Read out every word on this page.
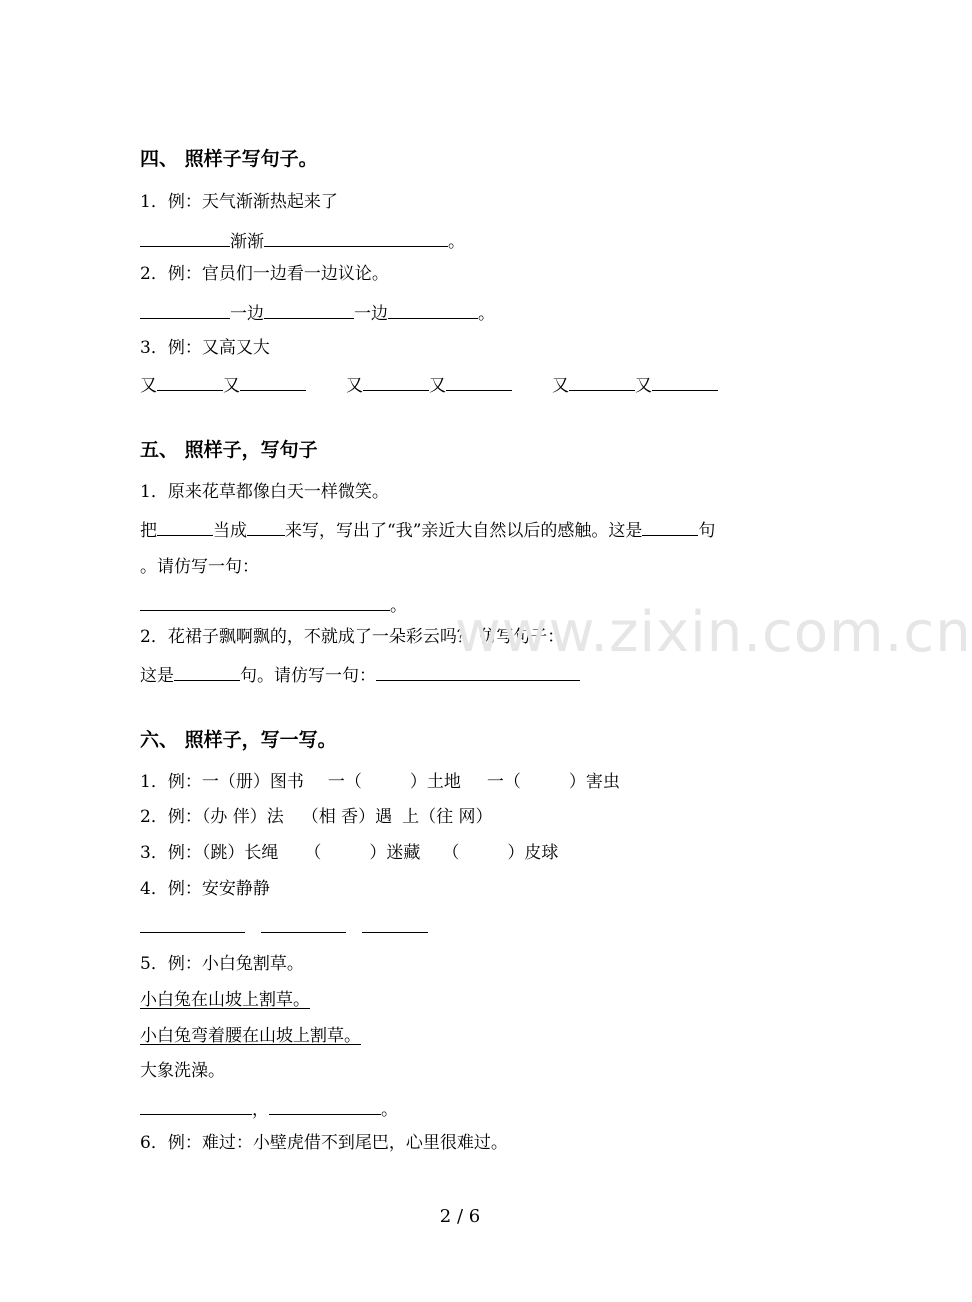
四、 照样子写句子。
1．例：天气渐渐热起来了
渐渐	。
2．例：官员们一边看一边议论。
一边	一边	。
3．例：又高又大
又	又	又	又	又	又
五、 照样子，写句子
1．原来花草都像白天一样微笑。
把	当成 来写，写出了“我”亲近大自然以后的感触。这是	句
。请仿写一句：
。
2．花裙子飘啊飘的，不就成了一朵彩云吗？ 仿写句子：
这是	句。请仿写一句：
六、 照样子，写一写。
1．例：一（册）图书 一（	）土地 一（	）害虫
2．例：（办 伴）法 （相 香）遇 上（往 网）
3．例：（跳）长绳 （	）迷藏 （	）皮球
4．例：安安静静
5．例：小白兔割草。
小白兔在山坡上割草。
小白兔弯着腰在山坡上割草。
大象洗澡。
，	。
6．例：难过：小壁虎借不到尾巴，心里很难过。
www.zixin.com.cn
2 / 6
